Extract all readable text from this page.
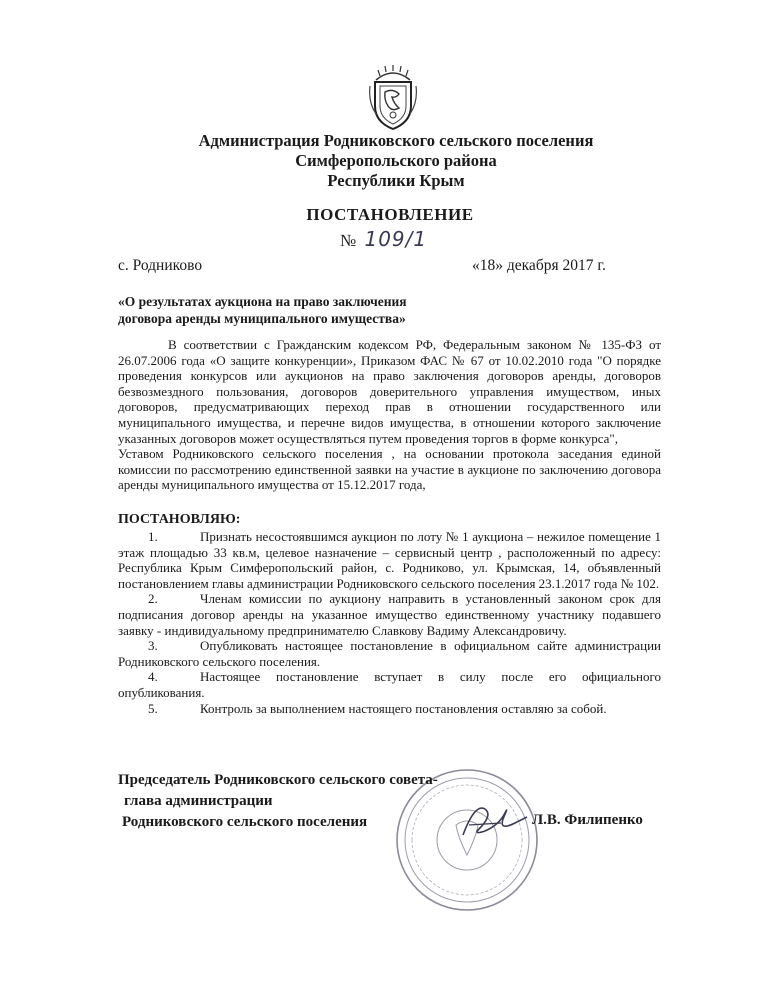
Администрация Родниковского сельского поселения
Симферопольского района
Республики Крым
ПОСТАНОВЛЕНИЕ
№ 109/1
с. Родниково	«18» декабря 2017 г.
«О результатах аукциона на право заключения
договора аренды муниципального имущества»

В соответствии с Гражданским кодексом РФ, Федеральным законом № 135-ФЗ от 26.07.2006 года «О защите конкуренции», Приказом ФАС № 67 от 10.02.2010 года "О порядке проведения конкурсов или аукционов на право заключения договоров аренды, договоров безвозмездного пользования, договоров доверительного управления имуществом, иных договоров, предусматривающих переход прав в отношении государственного или муниципального имущества, и перечне видов имущества, в отношении которого заключение указанных договоров может осуществляться путем проведения торгов в форме конкурса",

Уставом Родниковского сельского поселения , на основании протокола заседания единой комиссии по рассмотрению единственной заявки на участие в аукционе по заключению договора аренды муниципального имущества от 15.12.2017 года,

ПОСТАНОВЛЯЮ:

1.	Признать несостоявшимся аукцион по лоту № 1 аукциона – нежилое помещение 1 этаж площадью 33 кв.м, целевое назначение – сервисный центр , расположенный по адресу: Республика Крым Симферопольский район, с. Родниково, ул. Крымская, 14, объявленный постановлением главы администрации Родниковского сельского поселения 23.1.2017 года № 102.

2.	Членам комиссии по аукциону направить в установленный законом срок для подписания договор аренды на указанное имущество единственному участнику подавшего заявку - индивидуальному предпринимателю Славкову Вадиму Александровичу.

3.	Опубликовать настоящее постановление в официальном сайте администрации Родниковского сельского поселения.

4.	Настоящее постановление вступает в силу после его официального опубликования.

5.	Контроль за выполнением настоящего постановления оставляю за собой.

Председатель Родниковского сельского совета-
глава администрации
Родниковского сельского поселения	Л.В. Филипенко
